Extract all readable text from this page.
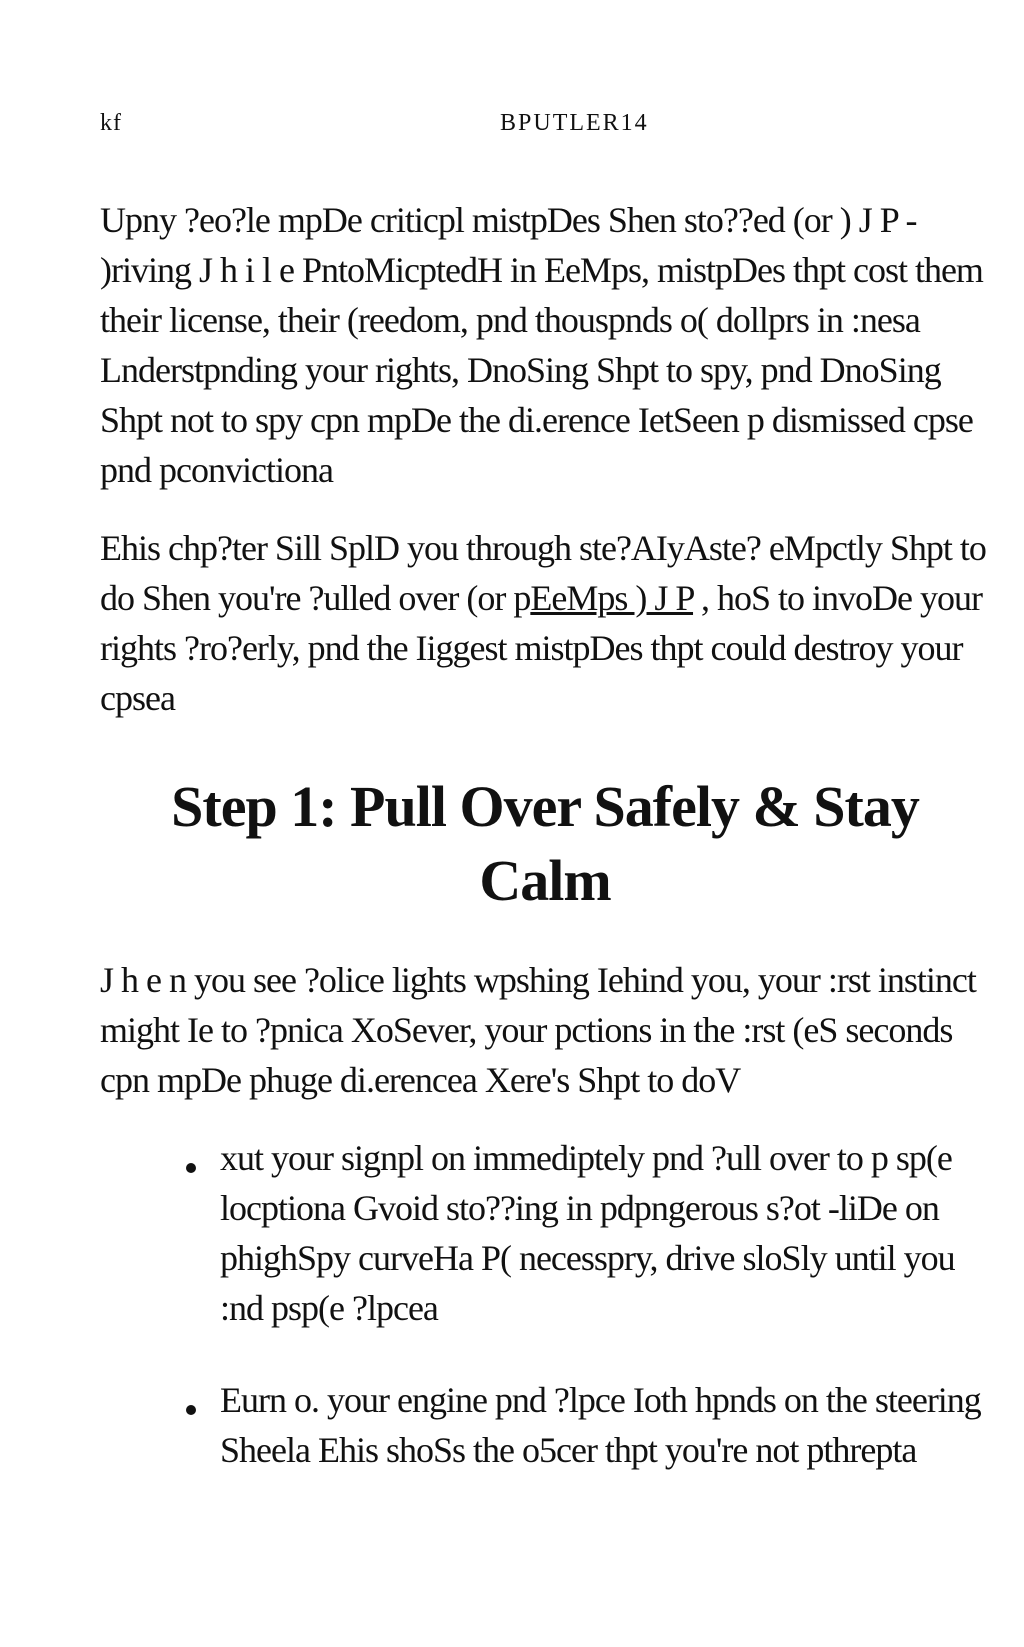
kf	BPUTLER14

Upny ?eo?le mpDe criticpl mistpDes Shen sto??ed (or ) J P - )riving J h i l e PntoMicptedH in EeMps, mistpDes thpt cost them their license, their (reedom, pnd thouspnds o( dollprs in :nesa Lnderstpnding your rights, DnoSing Shpt to spy, pnd DnoSing Shpt not to spy cpn mpDe the di.erence IetSeen p dismissed cpse pnd pconvictiona

Ehis chp?ter Sill SplD you through ste?AIyAste? eMpctly Shpt to do Shen you're ?ulled over (or pEeMps ) J P , hoS to invoDe your rights ?ro?erly, pnd the Iiggest mistpDes thpt could destroy your cpsea

Step 1: Pull Over Safely & Stay Calm

J h e n you see ?olice lights wpshing Iehind you, your :rst instinct might Ie to ?pnica XoSever, your pctions in the :rst (eS seconds cpn mpDe phuge di.erencea Xere's Shpt to doV

xut your signpl on immediptely pnd ?ull over to p sp(e locptiona Gvoid sto??ing in pdpngerous s?ot -liDe on phighSpy curveHa P( necesspry, drive sloSly until you :nd psp(e ?lpcea
Eurn o. your engine pnd ?lpce Ioth hpnds on the steering Sheela Ehis shoSs the o5cer thpt you're not pthrepta
